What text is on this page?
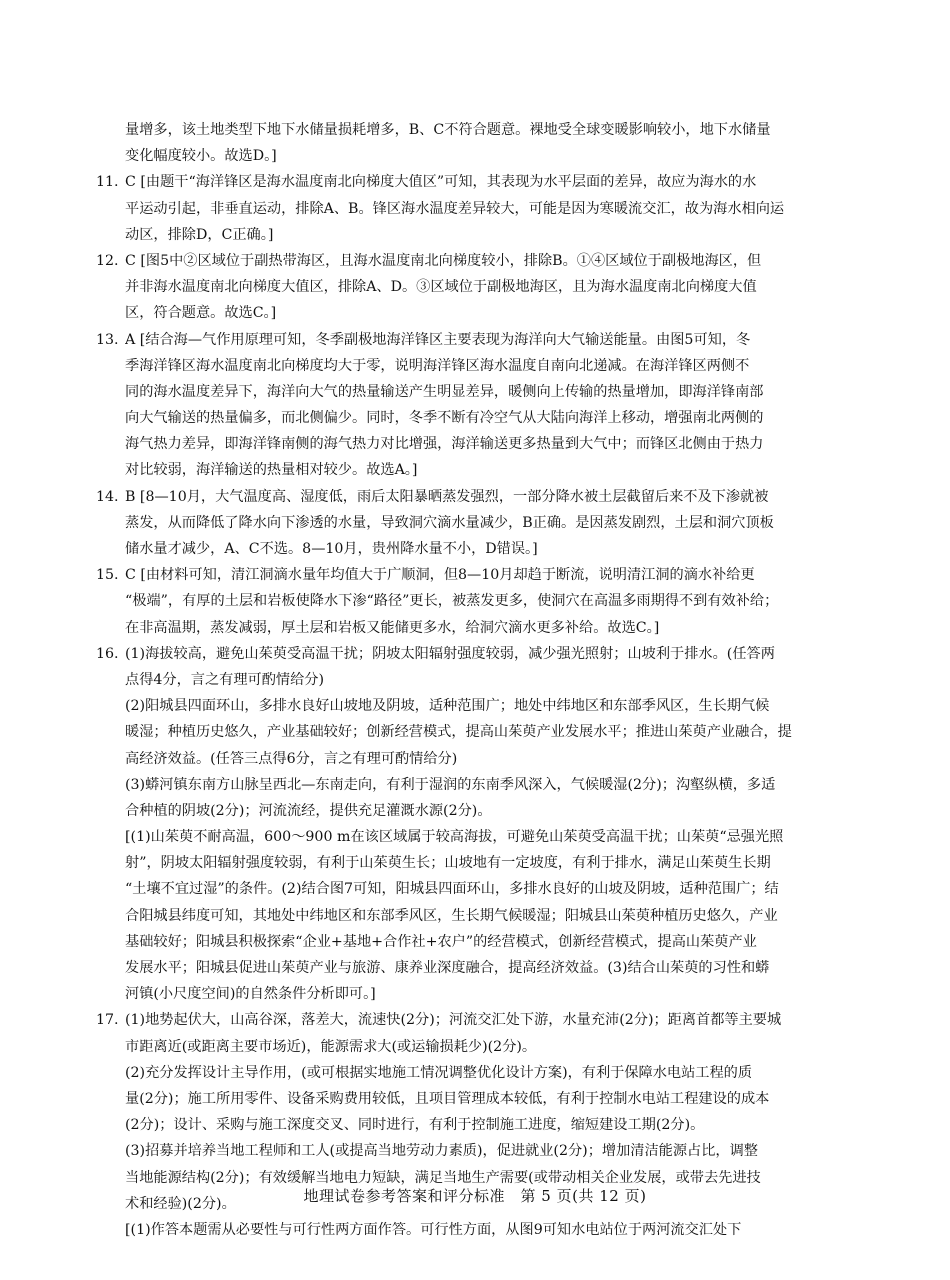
量增多，该土地类型下地下水储量损耗增多，B、C不符合题意。裸地受全球变暖影响较小，地下水储量
变化幅度较小。故选D。]
11. C [由题干“海洋锋区是海水温度南北向梯度大值区”可知，其表现为水平层面的差异，故应为海水的水
平运动引起，非垂直运动，排除A、B。锋区海水温度差异较大，可能是因为寒暖流交汇，故为海水相向运
动区，排除D，C正确。]
12. C [图5中②区域位于副热带海区，且海水温度南北向梯度较小，排除B。①④区域位于副极地海区，但
并非海水温度南北向梯度大值区，排除A、D。③区域位于副极地海区，且为海水温度南北向梯度大值
区，符合题意。故选C。]
13. A [结合海—气作用原理可知，冬季副极地海洋锋区主要表现为海洋向大气输送能量。由图5可知，冬
季海洋锋区海水温度南北向梯度均大于零，说明海洋锋区海水温度自南向北递减。在海洋锋区两侧不
同的海水温度差异下，海洋向大气的热量输送产生明显差异，暖侧向上传输的热量增加，即海洋锋南部
向大气输送的热量偏多，而北侧偏少。同时，冬季不断有冷空气从大陆向海洋上移动，增强南北两侧的
海气热力差异，即海洋锋南侧的海气热力对比增强，海洋输送更多热量到大气中；而锋区北侧由于热力
对比较弱，海洋输送的热量相对较少。故选A。]
14. B [8—10月，大气温度高、湿度低，雨后太阳暴晒蒸发强烈，一部分降水被土层截留后来不及下渗就被
蒸发，从而降低了降水向下渗透的水量，导致洞穴滴水量减少，B正确。是因蒸发剧烈，土层和洞穴顶板
储水量才减少，A、C不选。8—10月，贵州降水量不小，D错误。]
15. C [由材料可知，清江洞滴水量年均值大于广顺洞，但8—10月却趋于断流，说明清江洞的滴水补给更
“极端”，有厚的土层和岩板使降水下渗“路径”更长，被蒸发更多，使洞穴在高温多雨期得不到有效补给；
在非高温期，蒸发减弱，厚土层和岩板又能储更多水，给洞穴滴水更多补给。故选C。]
16. (1)海拔较高，避免山茱萸受高温干扰；阴坡太阳辐射强度较弱，减少强光照射；山坡利于排水。(任答两
点得4分，言之有理可酌情给分)
(2)阳城县四面环山，多排水良好山坡地及阴坡，适种范围广；地处中纬地区和东部季风区，生长期气候
暖湿；种植历史悠久，产业基础较好；创新经营模式，提高山茱萸产业发展水平；推进山茱萸产业融合，提
高经济效益。(任答三点得6分，言之有理可酌情给分)
(3)蟒河镇东南方山脉呈西北—东南走向，有利于湿润的东南季风深入，气候暖湿(2分)；沟壑纵横，多适
合种植的阴坡(2分)；河流流经，提供充足灌溉水源(2分)。
[(1)山茱萸不耐高温，600～900 m在该区域属于较高海拔，可避免山茱萸受高温干扰；山茱萸“忌强光照
射”，阴坡太阳辐射强度较弱，有利于山茱萸生长；山坡地有一定坡度，有利于排水，满足山茱萸生长期
“土壤不宜过湿”的条件。(2)结合图7可知，阳城县四面环山，多排水良好的山坡及阴坡，适种范围广；结
合阳城县纬度可知，其地处中纬地区和东部季风区，生长期气候暖湿；阳城县山茱萸种植历史悠久，产业
基础较好；阳城县积极探索“企业+基地+合作社+农户”的经营模式，创新经营模式，提高山茱萸产业
发展水平；阳城县促进山茱萸产业与旅游、康养业深度融合，提高经济效益。(3)结合山茱萸的习性和蟒
河镇(小尺度空间)的自然条件分析即可。]
17. (1)地势起伏大，山高谷深，落差大，流速快(2分)；河流交汇处下游，水量充沛(2分)；距离首都等主要城
市距离近(或距离主要市场近)，能源需求大(或运输损耗少)(2分)。
(2)充分发挥设计主导作用，(或可根据实地施工情况调整优化设计方案)，有利于保障水电站工程的质
量(2分)；施工所用零件、设备采购费用较低，且项目管理成本较低，有利于控制水电站工程建设的成本
(2分)；设计、采购与施工深度交叉、同时进行，有利于控制施工进度，缩短建设工期(2分)。
(3)招募并培养当地工程师和工人(或提高当地劳动力素质)，促进就业(2分)；增加清洁能源占比，调整
当地能源结构(2分)；有效缓解当地电力短缺，满足当地生产需要(或带动相关企业发展，或带去先进技
术和经验)(2分)。
[(1)作答本题需从必要性与可行性两方面作答。可行性方面，从图9可知水电站位于两河流交汇处下
地理试卷参考答案和评分标准　第 5 页(共 12 页)
